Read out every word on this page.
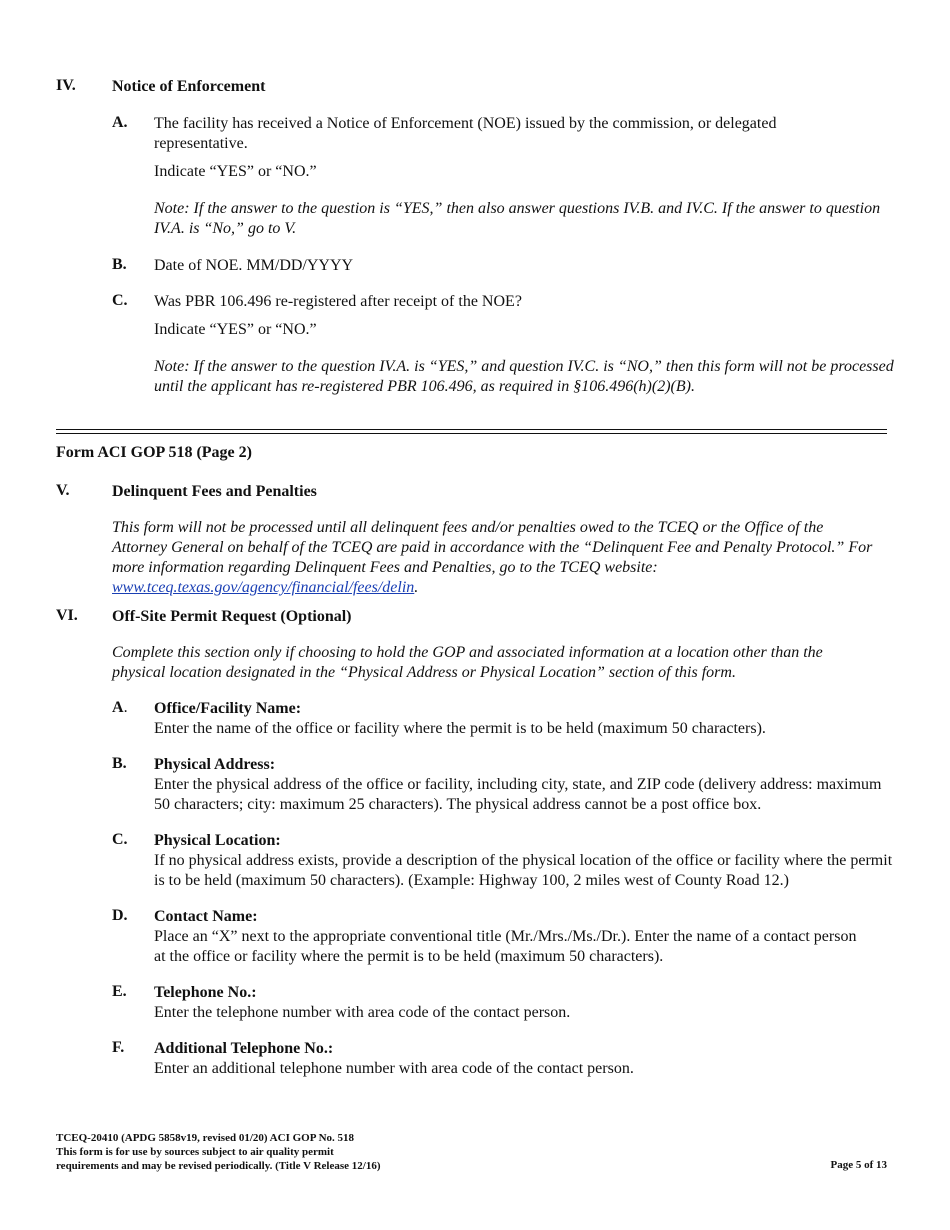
IV. Notice of Enforcement
A. The facility has received a Notice of Enforcement (NOE) issued by the commission, or delegated representative.
Indicate “YES” or “NO.”
Note: If the answer to the question is “YES,” then also answer questions IV.B. and IV.C. If the answer to question IV.A. is “No,” go to V.
B. Date of NOE. MM/DD/YYYY
C. Was PBR 106.496 re-registered after receipt of the NOE?
Indicate “YES” or “NO.”
Note: If the answer to the question IV.A. is “YES,” and question IV.C. is “NO,” then this form will not be processed until the applicant has re-registered PBR 106.496, as required in §106.496(h)(2)(B).
Form ACI GOP 518 (Page 2)
V.	Delinquent Fees and Penalties
This form will not be processed until all delinquent fees and/or penalties owed to the TCEQ or the Office of the Attorney General on behalf of the TCEQ are paid in accordance with the “Delinquent Fee and Penalty Protocol.” For more information regarding Delinquent Fees and Penalties, go to the TCEQ website: www.tceq.texas.gov/agency/financial/fees/delin.
VI. Off-Site Permit Request (Optional)
Complete this section only if choosing to hold the GOP and associated information at a location other than the physical location designated in the “Physical Address or Physical Location” section of this form.
A. Office/Facility Name:
Enter the name of the office or facility where the permit is to be held (maximum 50 characters).
B. Physical Address:
Enter the physical address of the office or facility, including city, state, and ZIP code (delivery address: maximum 50 characters; city: maximum 25 characters). The physical address cannot be a post office box.
C. Physical Location:
If no physical address exists, provide a description of the physical location of the office or facility where the permit is to be held (maximum 50 characters). (Example: Highway 100, 2 miles west of County Road 12.)
D. Contact Name:
Place an “X” next to the appropriate conventional title (Mr./Mrs./Ms./Dr.). Enter the name of a contact person at the office or facility where the permit is to be held (maximum 50 characters).
E. Telephone No.:
Enter the telephone number with area code of the contact person.
F. Additional Telephone No.:
Enter an additional telephone number with area code of the contact person.
TCEQ-20410 (APDG 5858v19, revised 01/20) ACI GOP No. 518
This form is for use by sources subject to air quality permit
requirements and may be revised periodically. (Title V Release 12/16)	Page 5 of 13
